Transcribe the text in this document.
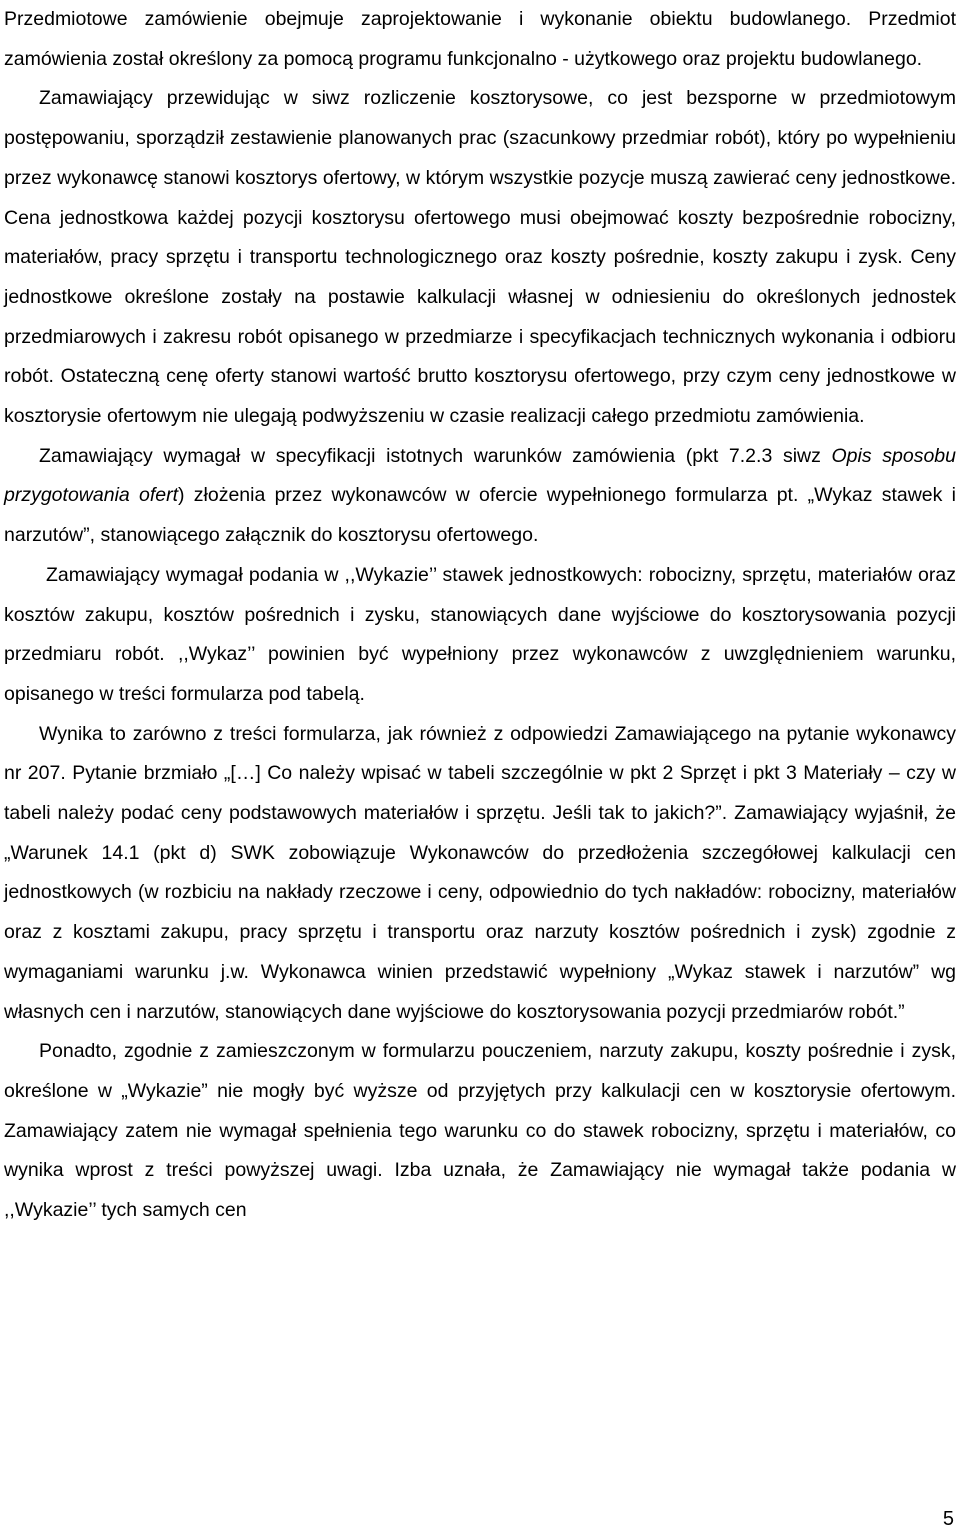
Przedmiotowe zamówienie obejmuje zaprojektowanie i wykonanie obiektu budowlanego. Przedmiot zamówienia został określony za pomocą programu funkcjonalno - użytkowego oraz projektu budowlanego.

Zamawiający przewidując w siwz rozliczenie kosztorysowe, co jest bezsporne w przedmiotowym postępowaniu, sporządził zestawienie planowanych prac (szacunkowy przedmiar robót), który po wypełnieniu przez wykonawcę stanowi kosztorys ofertowy, w którym wszystkie pozycje muszą zawierać ceny jednostkowe. Cena jednostkowa każdej pozycji kosztorysu ofertowego musi obejmować koszty bezpośrednie robocizny, materiałów, pracy sprzętu i transportu technologicznego oraz koszty pośrednie, koszty zakupu i zysk. Ceny jednostkowe określone zostały na postawie kalkulacji własnej w odniesieniu do określonych jednostek przedmiarowych i zakresu robót opisanego w przedmiarze i specyfikacjach technicznych wykonania i odbioru robót. Ostateczną cenę oferty stanowi wartość brutto kosztorysu ofertowego, przy czym ceny jednostkowe w kosztorysie ofertowym nie ulegają podwyższeniu w czasie realizacji całego przedmiotu zamówienia.

Zamawiający wymagał w specyfikacji istotnych warunków zamówienia (pkt 7.2.3 siwz Opis sposobu przygotowania ofert) złożenia przez wykonawców w ofercie wypełnionego formularza pt. „Wykaz stawek i narzutów”, stanowiącego załącznik do kosztorysu ofertowego.

Zamawiający wymagał podania w ,,Wykazie’’ stawek jednostkowych: robocizny, sprzętu, materiałów oraz kosztów zakupu, kosztów pośrednich i zysku, stanowiących dane wyjściowe do kosztorysowania pozycji przedmiaru robót. ,,Wykaz’’ powinien być wypełniony przez wykonawców z uwzględnieniem warunku, opisanego w treści formularza pod tabelą.

Wynika to zarówno z treści formularza, jak również z odpowiedzi Zamawiającego na pytanie wykonawcy nr 207. Pytanie brzmiało „[…] Co należy wpisać w tabeli szczególnie w pkt 2 Sprzęt i pkt 3 Materiały – czy w tabeli należy podać ceny podstawowych materiałów i sprzętu. Jeśli tak to jakich?”. Zamawiający wyjaśnił, że „Warunek 14.1 (pkt d) SWK zobowiązuje Wykonawców do przedłożenia szczegółowej kalkulacji cen jednostkowych (w rozbiciu na nakłady rzeczowe i ceny, odpowiednio do tych nakładów: robocizny, materiałów oraz z kosztami zakupu, pracy sprzętu i transportu oraz narzuty kosztów pośrednich i zysk) zgodnie z wymaganiami warunku j.w. Wykonawca winien przedstawić wypełniony „Wykaz stawek i narzutów” wg własnych cen i narzutów, stanowiących dane wyjściowe do kosztorysowania pozycji przedmiarów robót.”

Ponadto, zgodnie z zamieszczonym w formularzu pouczeniem, narzuty zakupu, koszty pośrednie i zysk, określone w „Wykazie” nie mogły być wyższe od przyjętych przy kalkulacji cen w kosztorysie ofertowym. Zamawiający zatem nie wymagał spełnienia tego warunku co do stawek robocizny, sprzętu i materiałów, co wynika wprost z treści powyższej uwagi. Izba uznała, że Zamawiający nie wymagał także podania w ,,Wykazie’’ tych samych cen

5
